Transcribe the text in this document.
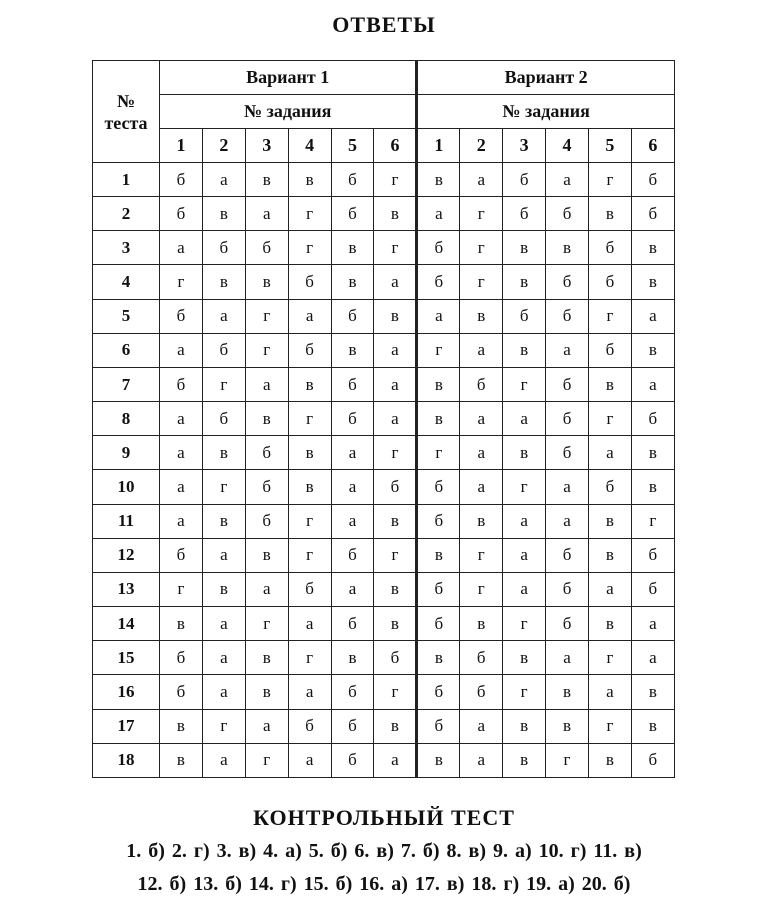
ОТВЕТЫ
№
теста	Вариант 1						Вариант 2					
	№ задания						№ задания					
	1	2	3	4	5	6	1	2	3	4	5	6
1	б	а	в	в	б	г	в	а	б	а	г	б
2	б	в	а	г	б	в	а	г	б	б	в	б
3	а	б	б	г	в	г	б	г	в	в	б	в
4	г	в	в	б	в	а	б	г	в	б	б	в
5	б	а	г	а	б	в	а	в	б	б	г	а
6	а	б	г	б	в	а	г	а	в	а	б	в
7	б	г	а	в	б	а	в	б	г	б	в	а
8	а	б	в	г	б	а	в	а	а	б	г	б
9	а	в	б	в	а	г	г	а	в	б	а	в
10	а	г	б	в	а	б	б	а	г	а	б	в
11	а	в	б	г	а	в	б	в	а	а	в	г
12	б	а	в	г	б	г	в	г	а	б	в	б
13	г	в	а	б	а	в	б	г	а	б	а	б
14	в	а	г	а	б	в	б	в	г	б	в	а
15	б	а	в	г	в	б	в	б	в	а	г	а
16	б	а	в	а	б	г	б	б	г	в	а	в
17	в	г	а	б	б	в	б	а	в	в	г	в
18	в	а	г	а	б	а	в	а	в	г	в	б
КОНТРОЛЬНЫЙ ТЕСТ
1. б) 2. г) 3. в) 4. а) 5. б) 6. в) 7. б) 8. в) 9. а) 10. г) 11. в)
12. б) 13. б) 14. г) 15. б) 16. а) 17. в) 18. г) 19. а) 20. б)
